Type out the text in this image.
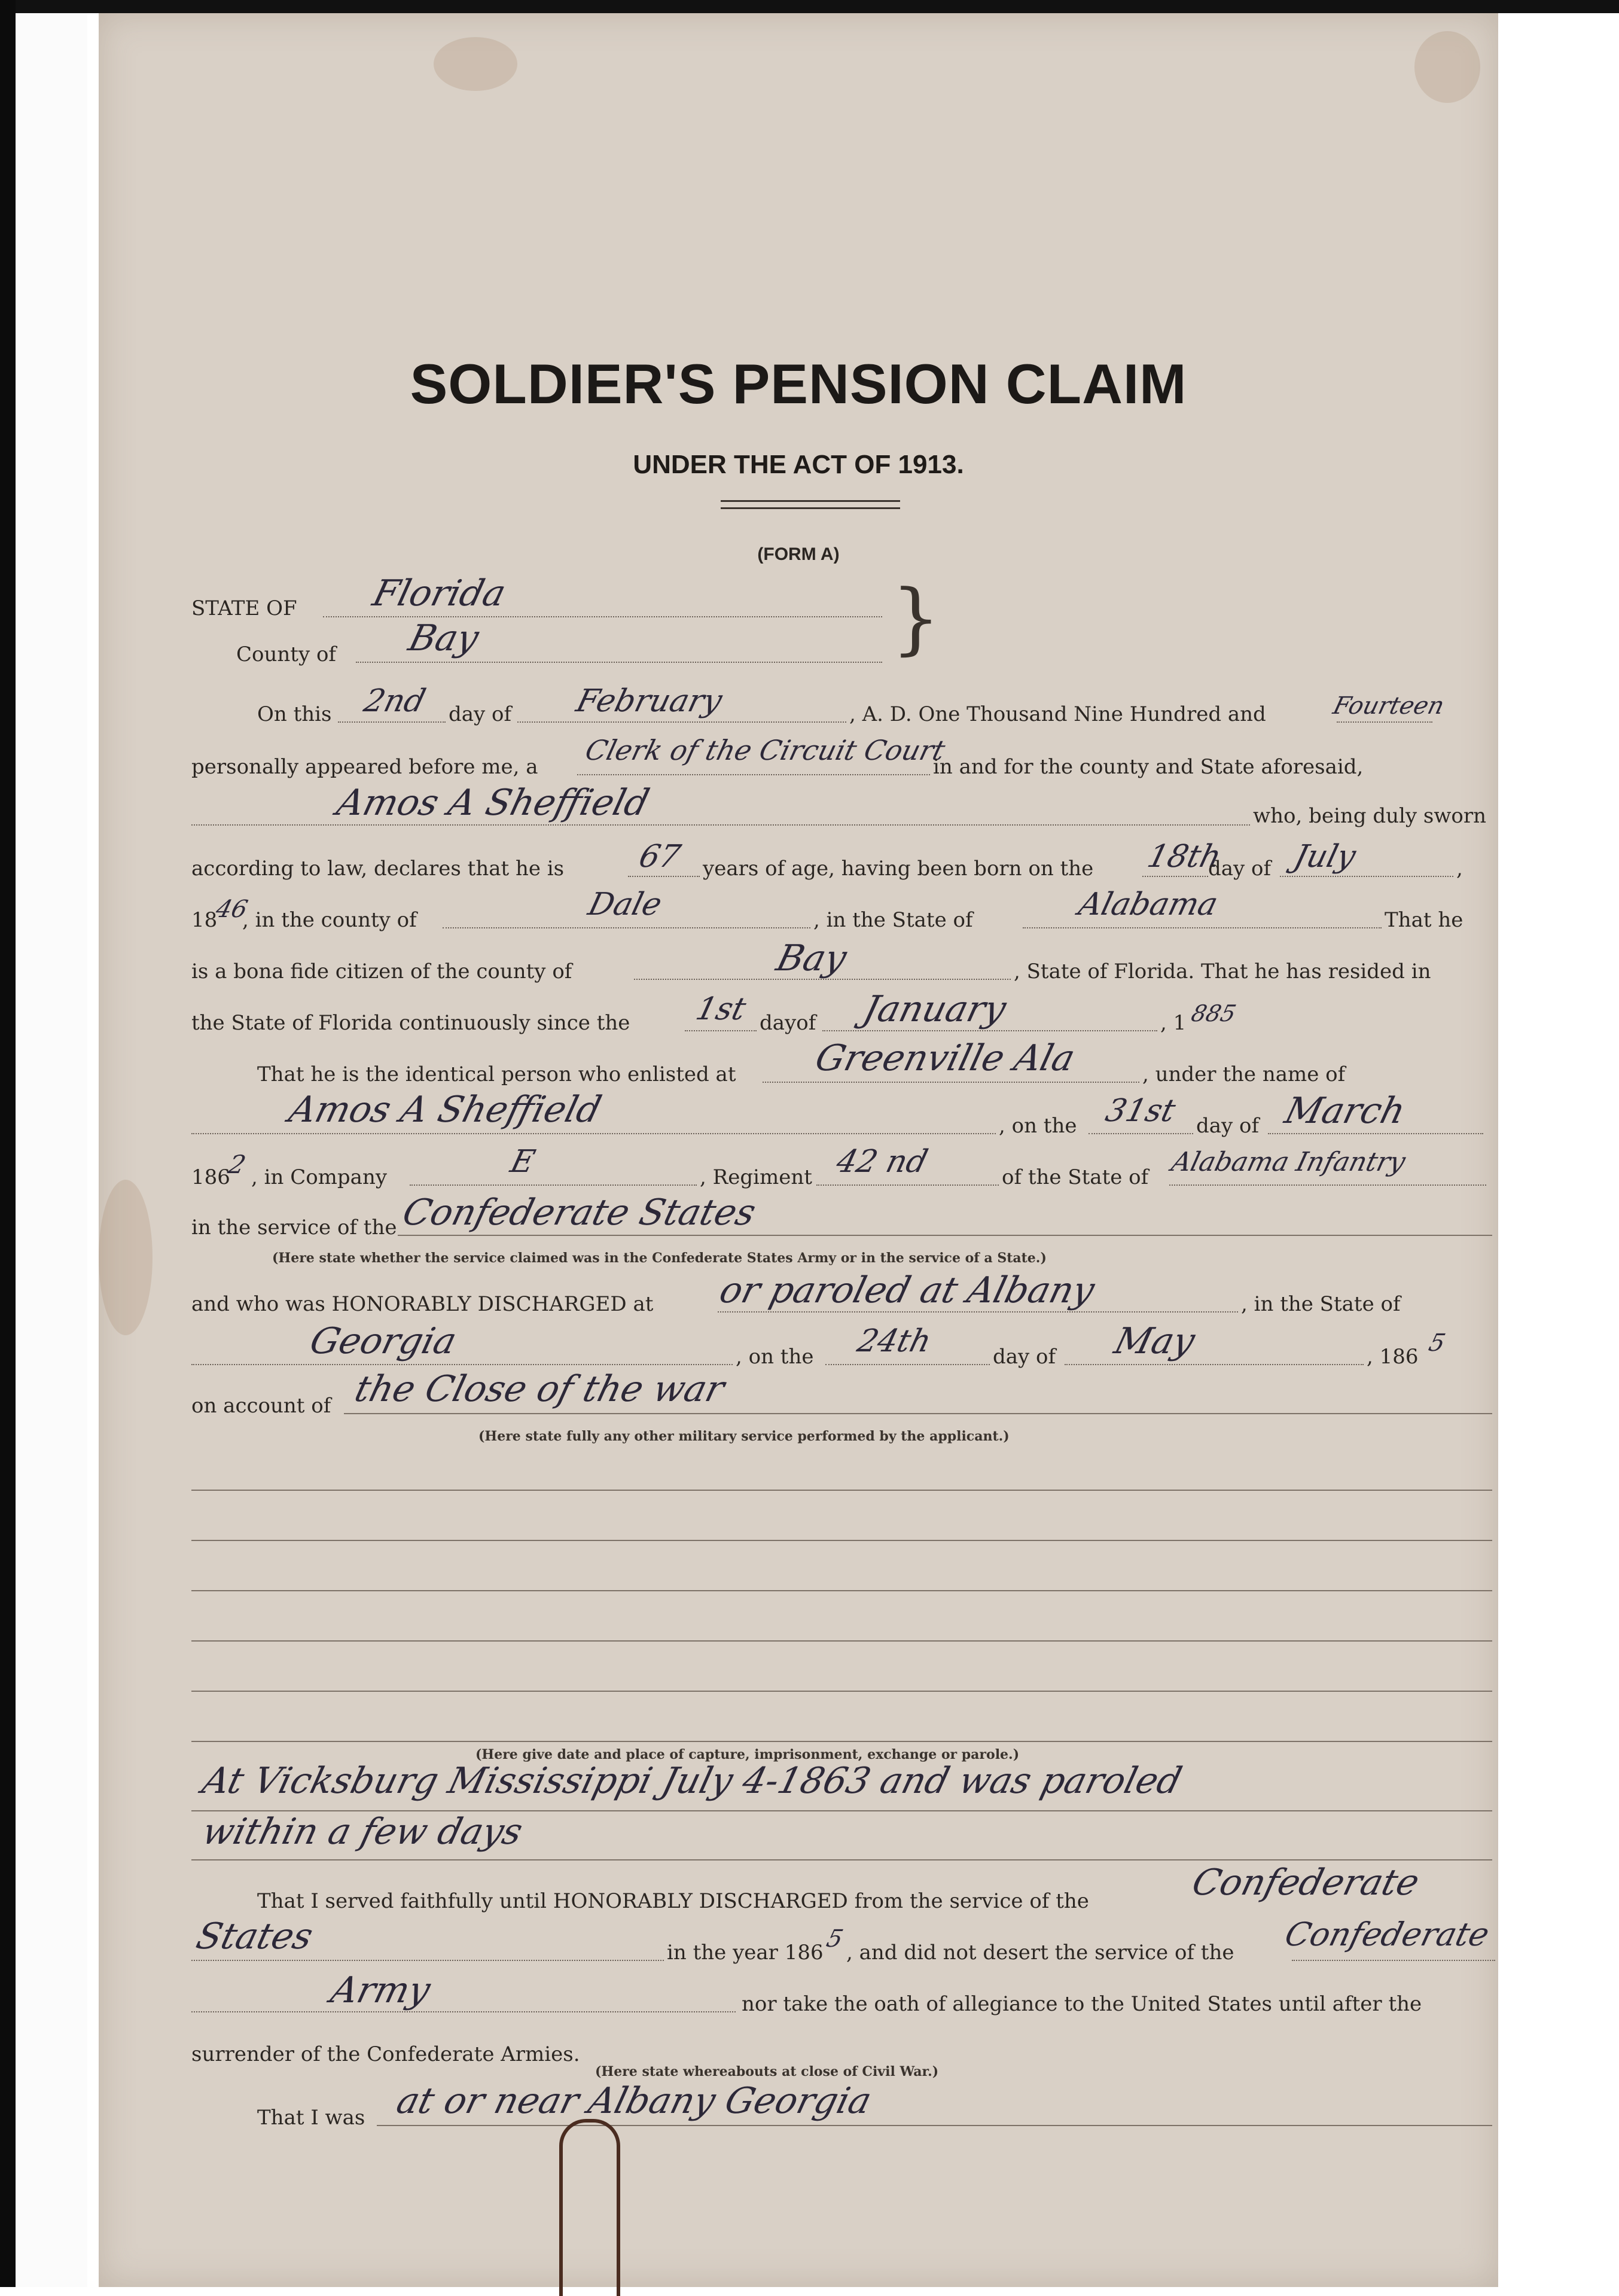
SOLDIER'S PENSION CLAIM
UNDER THE ACT OF 1913.
(FORM A)
STATE OF Florida
County of Bay	}
On this 2nd day of February	, A. D. One Thousand Nine Hundred and	Fourteen
personally appeared before me, a
Clerk of the Circuit Court
in and for the county and State aforesaid,
Amos A Sheffield	who, being duly sworn
according to law, declares that he is 67 years of age, having been born on the 18th
day of July	,
18
46
, in the county of	Dale	, in the State of	Alabama	That he
is a bona fide citizen of the county of	Bay	, State of Florida. That he has resided in
the State of Florida continuously since the 1st dayof January	, 1 885
That he is the identical person who enlisted at Greenville Ala	, under the name of
Amos A Sheffield	, on the 31st day of March
186
2 , in Company	E	, Regiment 42 nd	of the State of Alabama Infantry
in the service of the Confederate States
(Here state whether the service claimed was in the Confederate States Army or in the service of a State.)
and who was HONORABLY DISCHARGED at or paroled at Albany	, in the State of
Georgia	, on the 24th	day of May	, 186 5
on account of the Close of the war
(Here state fully any other military service performed by the applicant.)
(Here give date and place of capture, imprisonment, exchange or parole.)
At Vicksburg Mississippi July 4-1863 and was paroled
within a few days
That I served faithfully until HONORABLY DISCHARGED from the service of the	Confederate
States	in the year 186 5 , and did not desert the service of the Confederate
Army	nor take the oath of allegiance to the United States until after the
surrender of the Confederate Armies.
(Here state whereabouts at close of Civil War.)
That I was at or near Albany Georgia
